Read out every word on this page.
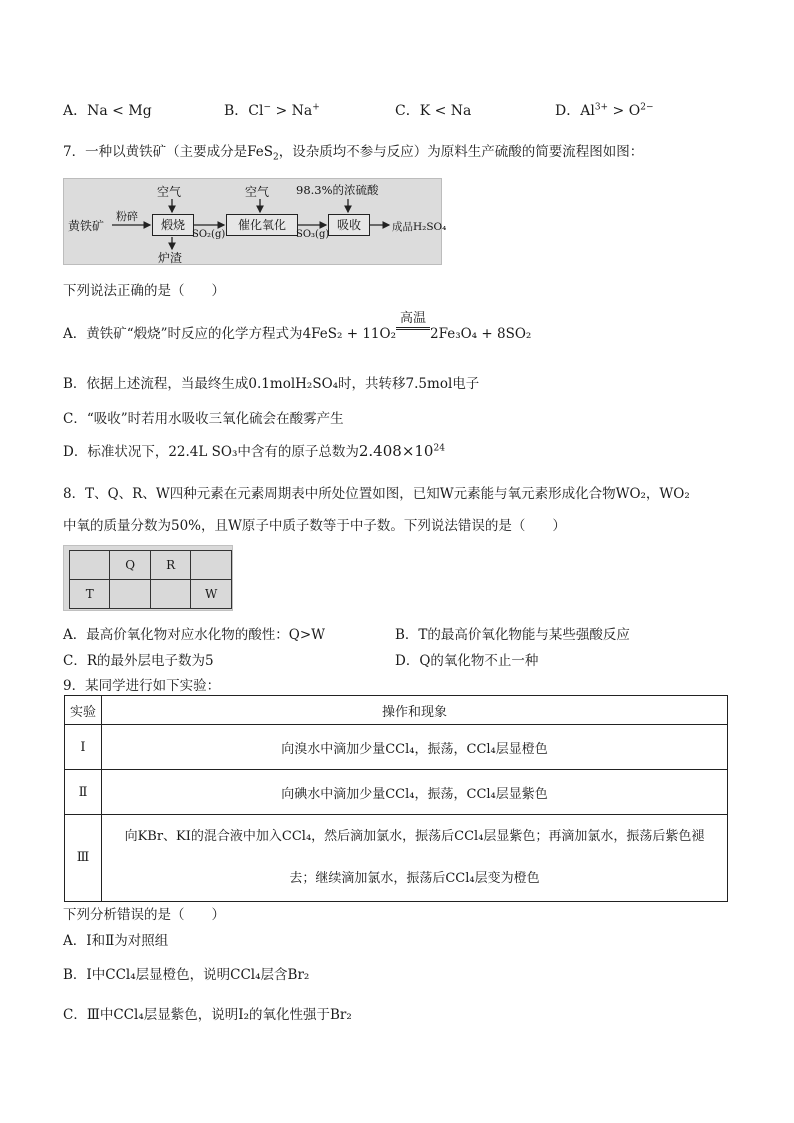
A．Na < Mg	B．Cl− > Na+	C．K < Na	D．$Al^{3+} > O^{2-}$
7．一种以黄铁矿（主要成分是FeS$_2$，设杂质均不参与反应）为原料生产硫酸的简要流程图如图：
黄铁矿
粉碎
空气	空气 98.3%的浓硫酸
煅烧	催化氧化	吸收
SO₂(g)	SO₃(g)
成品H₂SO₄
炉渣
下列说法正确的是（　　）
A．黄铁矿“煅烧”时反应的化学方程式为4FeS₂ + 11O₂
高温
2Fe₃O₄ + 8SO₂
B．依据上述流程，当最终生成0.1molH₂SO₄时，共转移7.5mol电子
C．“吸收”时若用水吸收三氧化硫会在酸雾产生
D．标准状况下，22.4L SO₃中含有的原子总数为$2.408\times 10^{24}$
8．T、Q、R、W四种元素在元素周期表中所处位置如图，已知W元素能与氧元素形成化合物WO₂，WO₂
中氧的质量分数为50%，且W原子中质子数等于中子数。下列说法错误的是（　　）
	Q	R	
T			W
A．最高价氧化物对应水化物的酸性：Q>W	B．T的最高价氧化物能与某些强酸反应
C．R的最外层电子数为5	D．Q的氧化物不止一种
9．某同学进行如下实验：
实验	操作和现象
Ⅰ	向溴水中滴加少量CCl₄，振荡，CCl₄层显橙色
Ⅱ	向碘水中滴加少量CCl₄，振荡，CCl₄层显紫色
Ⅲ	向KBr、KI的混合液中加入CCl₄，然后滴加氯水，振荡后CCl₄层显紫色；再滴加氯水，振荡后紫色褪
去；继续滴加氯水，振荡后CCl₄层变为橙色
下列分析错误的是（　　）
A．Ⅰ和Ⅱ为对照组
B．Ⅰ中CCl₄层显橙色，说明CCl₄层含Br₂
C．Ⅲ中CCl₄层显紫色，说明I₂的氧化性强于Br₂
